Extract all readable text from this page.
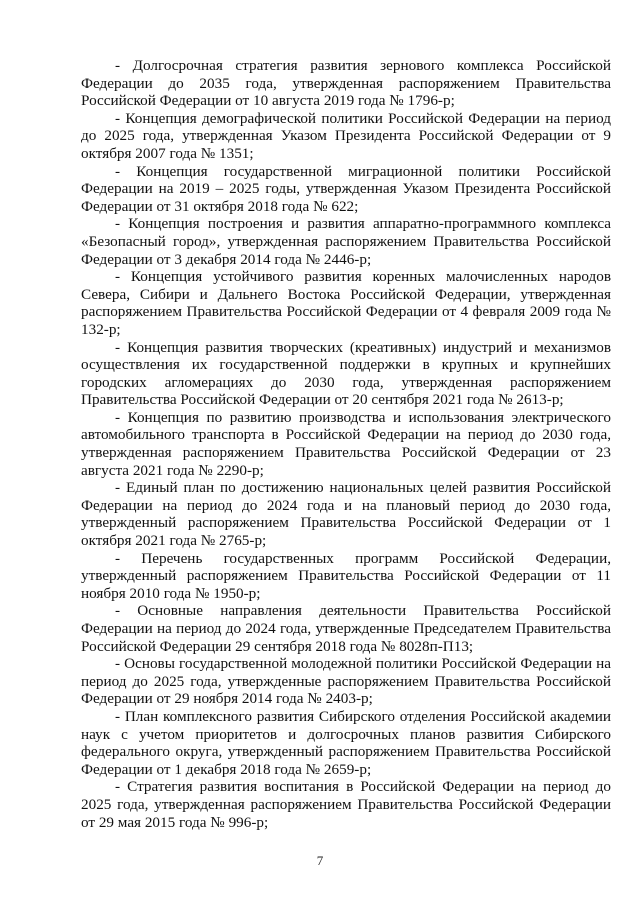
- Долгосрочная стратегия развития зернового комплекса Российской Федерации до 2035 года, утвержденная распоряжением Правительства Российской Федерации от 10 августа 2019 года № 1796-р;

- Концепция демографической политики Российской Федерации на период до 2025 года, утвержденная Указом Президента Российской Федерации от 9 октября 2007 года № 1351;

- Концепция государственной миграционной политики Российской Федерации на 2019 – 2025 годы, утвержденная Указом Президента Российской Федерации от 31 октября 2018 года № 622;

- Концепция построения и развития аппаратно-программного комплекса «Безопасный город», утвержденная распоряжением Правительства Российской Федерации от 3 декабря 2014 года № 2446-р;

- Концепция устойчивого развития коренных малочисленных народов Севера, Сибири и Дальнего Востока Российской Федерации, утвержденная распоряжением Правительства Российской Федерации от 4 февраля 2009 года № 132-р;

- Концепция развития творческих (креативных) индустрий и механизмов осуществления их государственной поддержки в крупных и крупнейших городских агломерациях до 2030 года, утвержденная распоряжением Правительства Российской Федерации от 20 сентября 2021 года № 2613-р;

- Концепция по развитию производства и использования электрического автомобильного транспорта в Российской Федерации на период до 2030 года, утвержденная распоряжением Правительства Российской Федерации от 23 августа 2021 года № 2290-р;

- Единый план по достижению национальных целей развития Российской Федерации на период до 2024 года и на плановый период до 2030 года, утвержденный распоряжением Правительства Российской Федерации от 1 октября 2021 года № 2765-р;

- Перечень государственных программ Российской Федерации, утвержденный распоряжением Правительства Российской Федерации от 11 ноября 2010 года № 1950-р;

- Основные направления деятельности Правительства Российской Федерации на период до 2024 года, утвержденные Председателем Правительства Российской Федерации 29 сентября 2018 года № 8028п-П13;

- Основы государственной молодежной политики Российской Федерации на период до 2025 года, утвержденные распоряжением Правительства Российской Федерации от 29 ноября 2014 года № 2403-р;

- План комплексного развития Сибирского отделения Российской академии наук с учетом приоритетов и долгосрочных планов развития Сибирского федерального округа, утвержденный распоряжением Правительства Российской Федерации от 1 декабря 2018 года № 2659-р;

- Стратегия развития воспитания в Российской Федерации на период до 2025 года, утвержденная распоряжением Правительства Российской Федерации от 29 мая 2015 года № 996-р;

7
